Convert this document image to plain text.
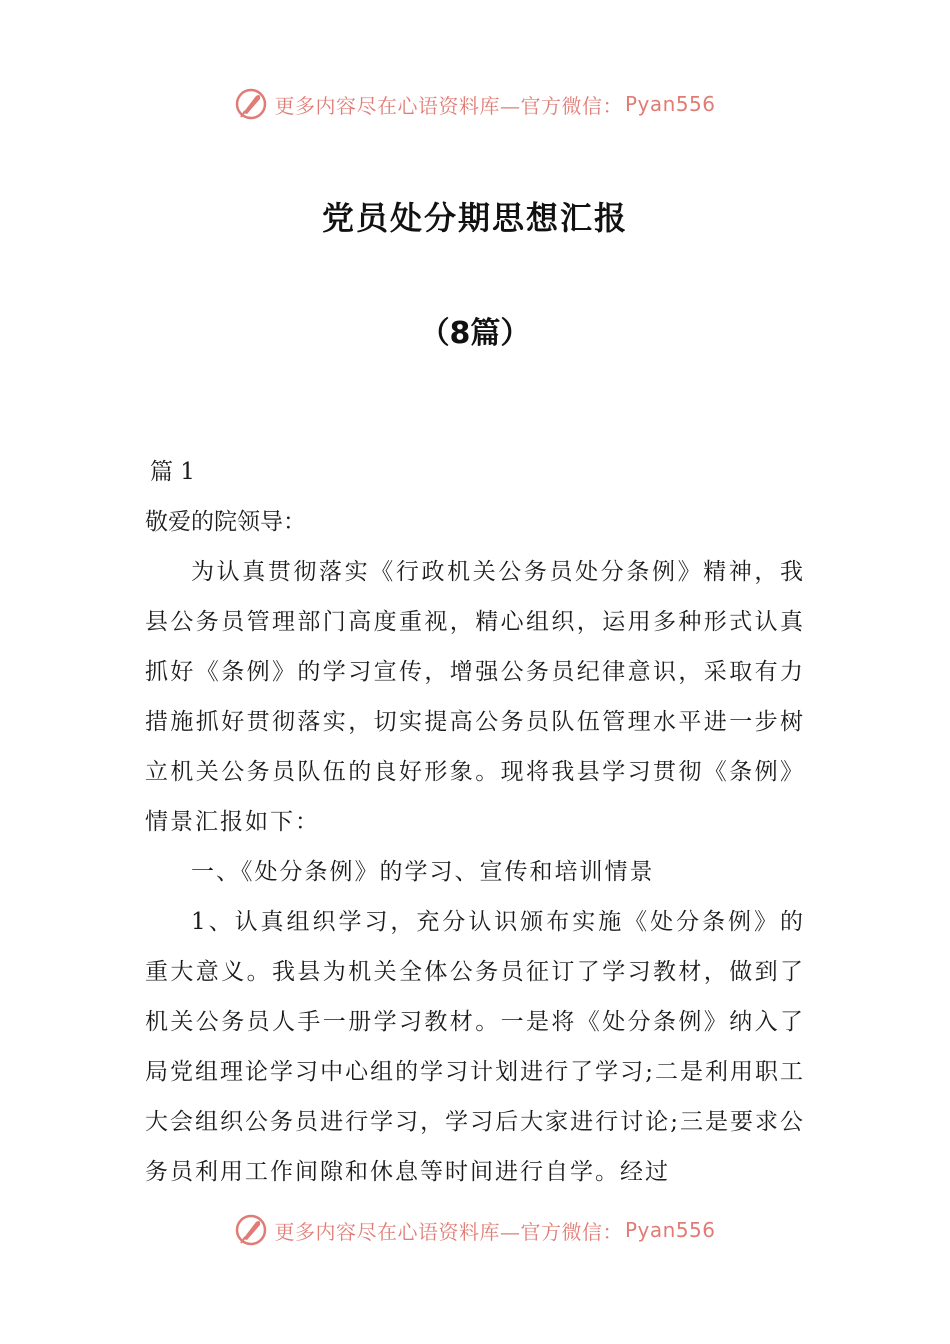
更多内容尽在心语资料库—官方微信： Pyan556
党员处分期思想汇报
（8篇）

篇 1

敬爱的院领导：

为认真贯彻落实《行政机关公务员处分条例》精神，我县公务员管理部门高度重视，精心组织，运用多种形式认真抓好《条例》的学习宣传，增强公务员纪律意识，采取有力措施抓好贯彻落实，切实提高公务员队伍管理水平进一步树立机关公务员队伍的良好形象。现将我县学习贯彻《条例》情景汇报如下：

一、《处分条例》的学习、宣传和培训情景

1、认真组织学习，充分认识颁布实施《处分条例》的重大意义。我县为机关全体公务员征订了学习教材，做到了机关公务员人手一册学习教材。一是将《处分条例》纳入了局党组理论学习中心组的学习计划进行了学习;二是利用职工大会组织公务员进行学习，学习后大家进行讨论;三是要求公务员利用工作间隙和休息等时间进行自学。经过

更多内容尽在心语资料库—官方微信： Pyan556
